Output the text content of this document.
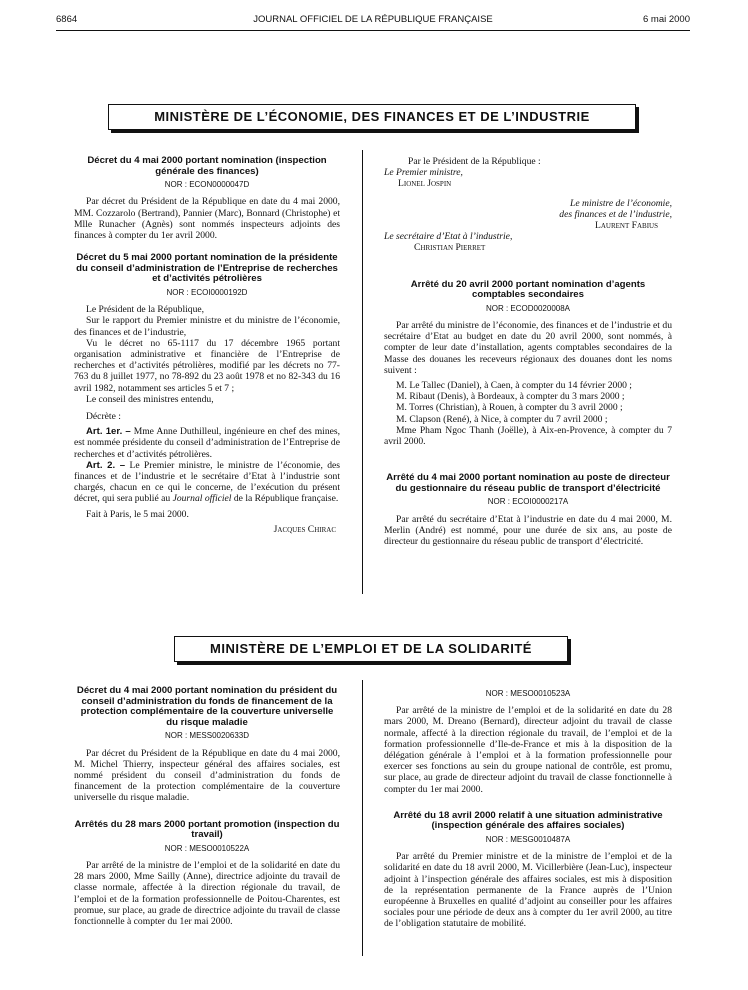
6864	JOURNAL OFFICIEL DE LA RÉPUBLIQUE FRANÇAISE	6 mai 2000
MINISTÈRE DE L’ÉCONOMIE, DES FINANCES ET DE L’INDUSTRIE
Décret du 4 mai 2000 portant nomination (inspection générale des finances)
NOR : ECON0000047D

Par décret du Président de la République en date du 4 mai 2000, MM. Cozzarolo (Bertrand), Pannier (Marc), Bonnard (Christophe) et Mlle Runacher (Agnès) sont nommés inspecteurs adjoints des finances à compter du 1er avril 2000.

Décret du 5 mai 2000 portant nomination de la présidente du conseil d’administration de l’Entreprise de recherches et d’activités pétrolières
NOR : ECOI0000192D

Le Président de la République,

Sur le rapport du Premier ministre et du ministre de l’économie, des finances et de l’industrie,

Vu le décret no 65-1117 du 17 décembre 1965 portant organisation administrative et financière de l’Entreprise de recherches et d’activités pétrolières, modifié par les décrets no 77-763 du 8 juillet 1977, no 78-892 du 23 août 1978 et no 82-343 du 16 avril 1982, notamment ses articles 5 et 7 ;

Le conseil des ministres entendu,

Décrète :

Art. 1er. – Mme Anne Duthilleul, ingénieure en chef des mines, est nommée présidente du conseil d’administration de l’Entreprise de recherches et d’activités pétrolières.

Art. 2. – Le Premier ministre, le ministre de l’économie, des finances et de l’industrie et le secrétaire d’Etat à l’industrie sont chargés, chacun en ce qui le concerne, de l’exécution du présent décret, qui sera publié au Journal officiel de la République française.

Fait à Paris, le 5 mai 2000.

Jacques Chirac

Par le Président de la République :

Le Premier ministre,

Lionel Jospin

Le ministre de l’économie,

des finances et de l’industrie,

Laurent Fabius

Le secrétaire d’Etat à l’industrie,

Christian Pierret

Arrêté du 20 avril 2000 portant nomination d’agents comptables secondaires
NOR : ECOD0020008A

Par arrêté du ministre de l’économie, des finances et de l’industrie et du secrétaire d’Etat au budget en date du 20 avril 2000, sont nommés, à compter de leur date d’installation, agents comptables secondaires de la Masse des douanes les receveurs régionaux des douanes dont les noms suivent :

M. Le Tallec (Daniel), à Caen, à compter du 14 février 2000 ;

M. Ribaut (Denis), à Bordeaux, à compter du 3 mars 2000 ;

M. Torres (Christian), à Rouen, à compter du 3 avril 2000 ;

M. Clapson (René), à Nice, à compter du 7 avril 2000 ;

Mme Pham Ngoc Thanh (Joëlle), à Aix-en-Provence, à compter du 7 avril 2000.

Arrêté du 4 mai 2000 portant nomination au poste de directeur du gestionnaire du réseau public de transport d’électricité
NOR : ECOI0000217A

Par arrêté du secrétaire d’Etat à l’industrie en date du 4 mai 2000, M. Merlin (André) est nommé, pour une durée de six ans, au poste de directeur du gestionnaire du réseau public de transport d’électricité.

MINISTÈRE DE L’EMPLOI ET DE LA SOLIDARITÉ
Décret du 4 mai 2000 portant nomination du président du conseil d’administration du fonds de financement de la protection complémentaire de la couverture universelle du risque maladie
NOR : MESS0020633D

Par décret du Président de la République en date du 4 mai 2000, M. Michel Thierry, inspecteur général des affaires sociales, est nommé président du conseil d’administration du fonds de financement de la protection complémentaire de la couverture universelle du risque maladie.

Arrêtés du 28 mars 2000 portant promotion (inspection du travail)
NOR : MESO0010522A

Par arrêté de la ministre de l’emploi et de la solidarité en date du 28 mars 2000, Mme Sailly (Anne), directrice adjointe du travail de classe normale, affectée à la direction régionale du travail, de l’emploi et de la formation professionnelle de Poitou-Charentes, est promue, sur place, au grade de directrice adjointe du travail de classe fonctionnelle à compter du 1er mai 2000.

NOR : MESO0010523A

Par arrêté de la ministre de l’emploi et de la solidarité en date du 28 mars 2000, M. Dreano (Bernard), directeur adjoint du travail de classe normale, affecté à la direction régionale du travail, de l’emploi et de la formation professionnelle d’Ile-de-France et mis à la disposition de la délégation générale à l’emploi et à la formation professionnelle pour exercer ses fonctions au sein du groupe national de contrôle, est promu, sur place, au grade de directeur adjoint du travail de classe fonctionnelle à compter du 1er mai 2000.

Arrêté du 18 avril 2000 relatif à une situation administrative (inspection générale des affaires sociales)
NOR : MESG0010487A

Par arrêté du Premier ministre et de la ministre de l’emploi et de la solidarité en date du 18 avril 2000, M. Vicillerbière (Jean-Luc), inspecteur adjoint à l’inspection générale des affaires sociales, est mis à disposition de la représentation permanente de la France auprès de l’Union européenne à Bruxelles en qualité d’adjoint au conseiller pour les affaires sociales pour une période de deux ans à compter du 1er avril 2000, au titre de l’obligation statutaire de mobilité.
